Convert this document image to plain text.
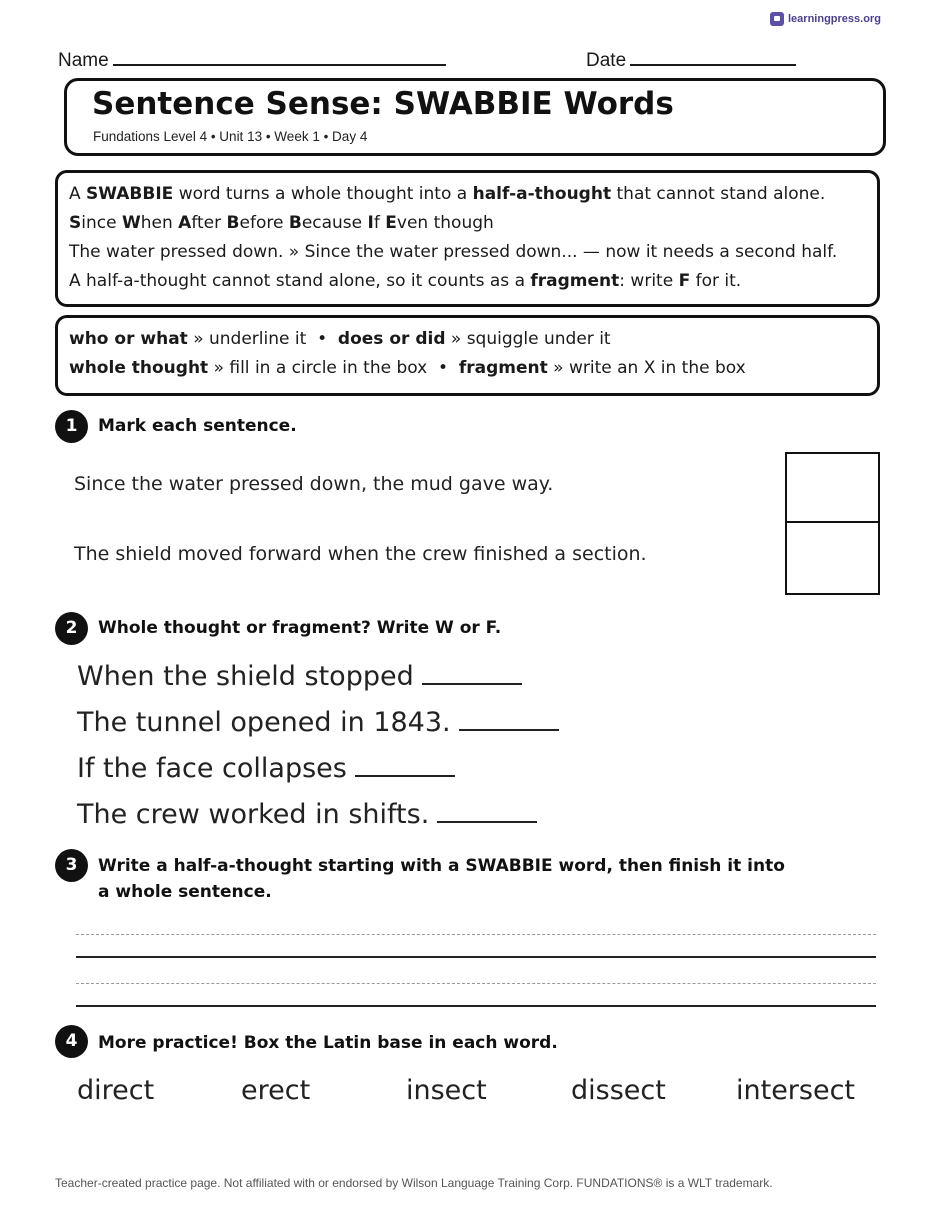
learningpress.org
Name	Date
Sentence Sense: SWABBIE Words
Fundations Level 4 • Unit 13 • Week 1 • Day 4
A SWABBIE word turns a whole thought into a half-a-thought that cannot stand alone.
Since When After Before Because If Even though
The water pressed down. » Since the water pressed down... — now it needs a second half.
A half-a-thought cannot stand alone, so it counts as a fragment: write F for it.
who or what » underline it  •  does or did » squiggle under it
whole thought » fill in a circle in the box  •  fragment » write an X in the box
1	Mark each sentence.
Since the water pressed down, the mud gave way.
The shield moved forward when the crew finished a section.
2	Whole thought or fragment? Write W or F.
When the shield stopped
The tunnel opened in 1843.
If the face collapses
The crew worked in shifts.
3	Write a half-a-thought starting with a SWABBIE word, then finish it into
a whole sentence.
4	More practice! Box the Latin base in each word.
direct	erect	insect	dissect	intersect
Teacher-created practice page. Not affiliated with or endorsed by Wilson Language Training Corp. FUNDATIONS® is a WLT trademark.
